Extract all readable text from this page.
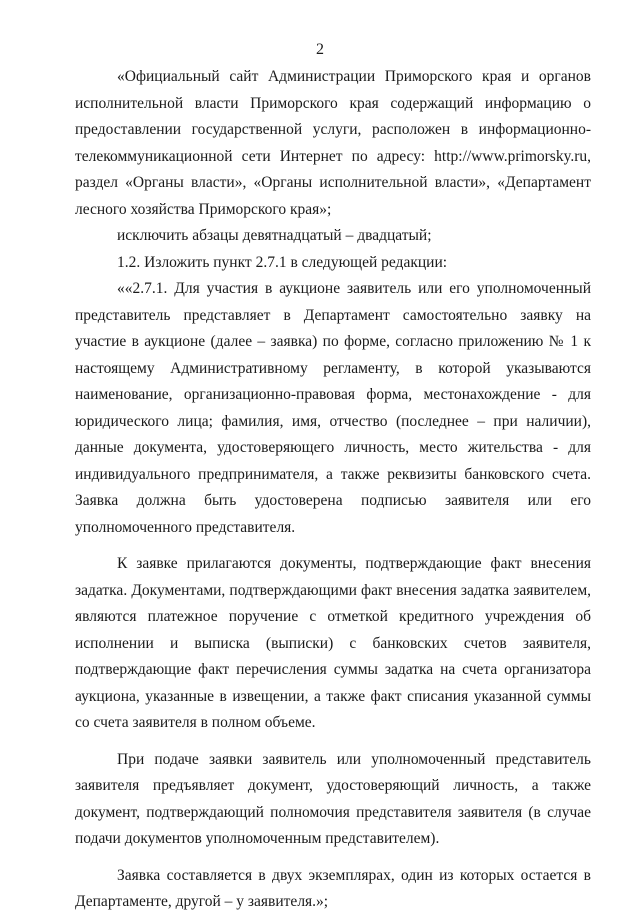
2

«Официальный сайт Администрации Приморского края и органов исполнительной власти Приморского края содержащий информацию о предоставлении государственной услуги, расположен в информационно-телекоммуникационной сети Интернет по адресу: http://www.primorsky.ru, раздел «Органы власти», «Органы исполнительной власти», «Департамент лесного хозяйства Приморского края»;

исключить абзацы девятнадцатый – двадцатый;

1.2. Изложить пункт 2.7.1 в следующей редакции:

««2.7.1. Для участия в аукционе заявитель или его уполномоченный представитель представляет в Департамент самостоятельно заявку на участие в аукционе (далее – заявка) по форме, согласно приложению № 1 к настоящему Административному регламенту, в которой указываются наименование, организационно-правовая форма, местонахождение - для юридического лица; фамилия, имя, отчество (последнее – при наличии), данные документа, удостоверяющего личность, место жительства - для индивидуального предпринимателя, а также реквизиты банковского счета. Заявка должна быть удостоверена подписью заявителя или его уполномоченного представителя.

К заявке прилагаются документы, подтверждающие факт внесения задатка. Документами, подтверждающими факт внесения задатка заявителем, являются платежное поручение с отметкой кредитного учреждения об исполнении и выписка (выписки) с банковских счетов заявителя, подтверждающие факт перечисления суммы задатка на счета организатора аукциона, указанные в извещении, а также факт списания указанной суммы со счета заявителя в полном объеме.

При подаче заявки заявитель или уполномоченный представитель заявителя предъявляет документ, удостоверяющий личность, а также документ, подтверждающий полномочия представителя заявителя (в случае подачи документов уполномоченным представителем).

Заявка составляется в двух экземплярах, один из которых остается в Департаменте, другой – у заявителя.»;
